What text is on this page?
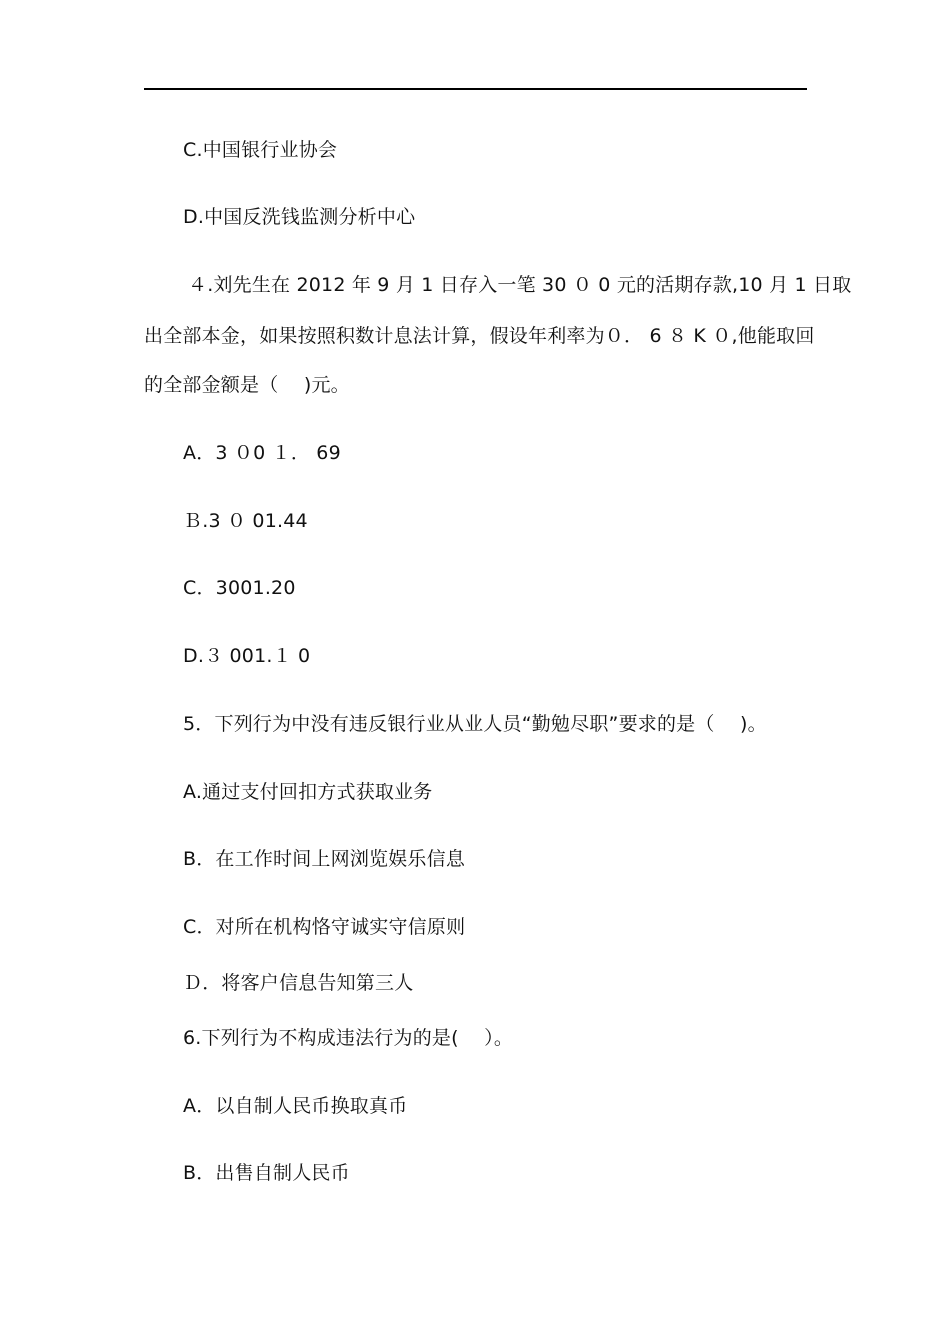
C.中国银行业协会
D.中国反洗钱监测分析中心
４.刘先生在 2012 年 9 月 1 日存入一笔 30 ０ 0 元的活期存款,10 月 1 日取
出全部本金，如果按照积数计息法计算，假设年利率为０． 6 ８ K ０,他能取回
的全部金额是（　 )元。
A．3 ０0 １． 69
Ｂ.3 ０ 01.44
C．3001.20
D.３ 001.１ 0
5．下列行为中没有违反银行业从业人员“勤勉尽职”要求的是（　 )。
A.通过支付回扣方式获取业务
B．在工作时间上网浏览娱乐信息
C．对所在机构恪守诚实守信原则
Ｄ．将客户信息告知第三人
6.下列行为不构成违法行为的是(　 ）。
A．以自制人民币换取真币
B．出售自制人民币
